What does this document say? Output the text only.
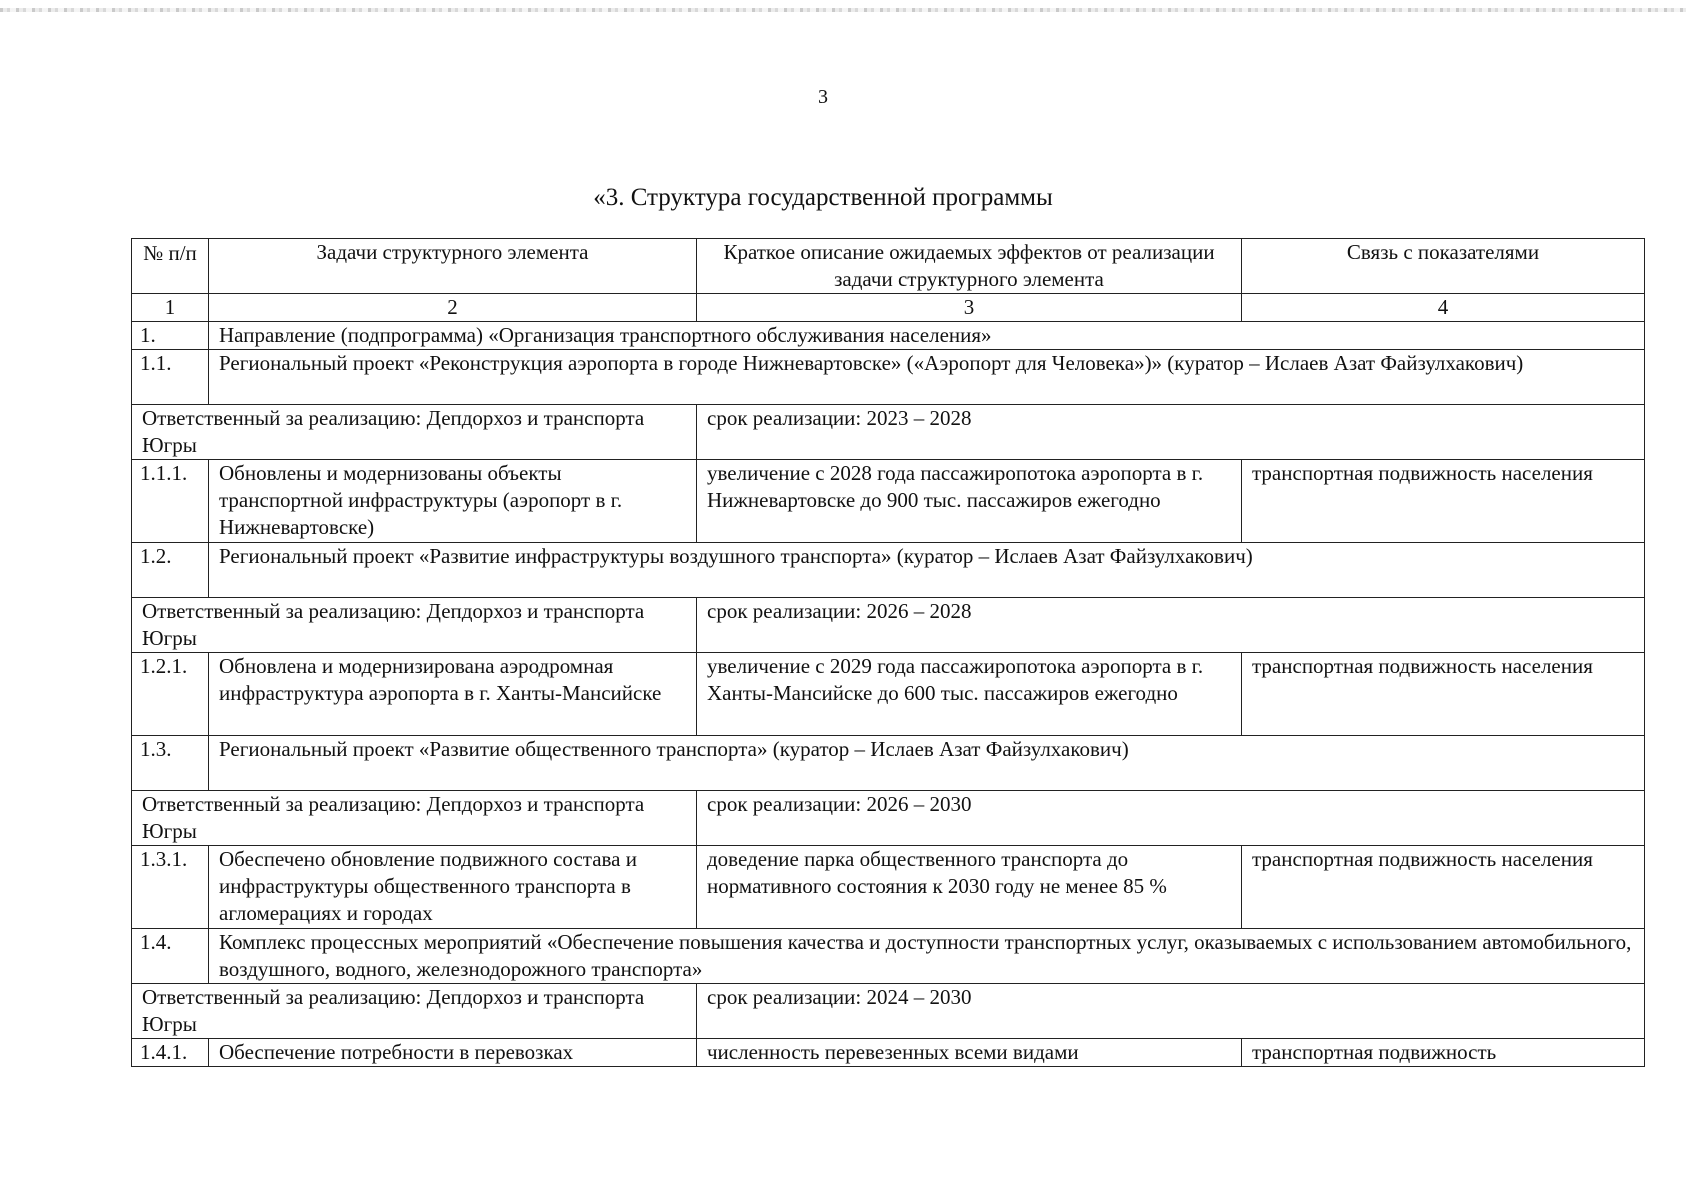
3
«3. Структура государственной программы
№ п/п	Задачи структурного элемента	Краткое описание ожидаемых эффектов от реализации задачи структурного элемента	Связь с показателями
1	2	3	4
1.	Направление (подпрограмма) «Организация транспортного обслуживания населения»		
1.1.	Региональный проект «Реконструкция аэропорта в городе Нижневартовске» («Аэропорт для Человека»)» (куратор – Ислаев Азат Файзулхакович)		
Ответственный за реализацию: Депдорхоз и транспорта Югры		срок реализации: 2023 – 2028	
1.1.1.	Обновлены и модернизованы объекты транспортной инфраструктуры (аэропорт в г. Нижневартовске)	увеличение с 2028 года пассажиропотока аэропорта в г. Нижневартовске до 900 тыс. пассажиров ежегодно	транспортная подвижность населения
1.2.	Региональный проект «Развитие инфраструктуры воздушного транспорта» (куратор – Ислаев Азат Файзулхакович)		
Ответственный за реализацию: Депдорхоз и транспорта Югры		срок реализации: 2026 – 2028	
1.2.1.	Обновлена и модернизирована аэродромная инфраструктура аэропорта в г. Ханты-Мансийске	увеличение с 2029 года пассажиропотока аэропорта в г. Ханты-Мансийске до 600 тыс. пассажиров ежегодно	транспортная подвижность населения
1.3.	Региональный проект «Развитие общественного транспорта» (куратор – Ислаев Азат Файзулхакович)		
Ответственный за реализацию: Депдорхоз и транспорта Югры		срок реализации: 2026 – 2030	
1.3.1.	Обеспечено обновление подвижного состава и инфраструктуры общественного транспорта в агломерациях и городах	доведение парка общественного транспорта до нормативного состояния к 2030 году не менее 85 %	транспортная подвижность населения
1.4.	Комплекс процессных мероприятий «Обеспечение повышения качества и доступности транспортных услуг, оказываемых с использованием автомобильного, воздушного, водного, железнодорожного транспорта»		
Ответственный за реализацию: Депдорхоз и транспорта Югры		срок реализации: 2024 – 2030	
1.4.1.	Обеспечение потребности в перевозках	численность перевезенных всеми видами	транспортная подвижность
